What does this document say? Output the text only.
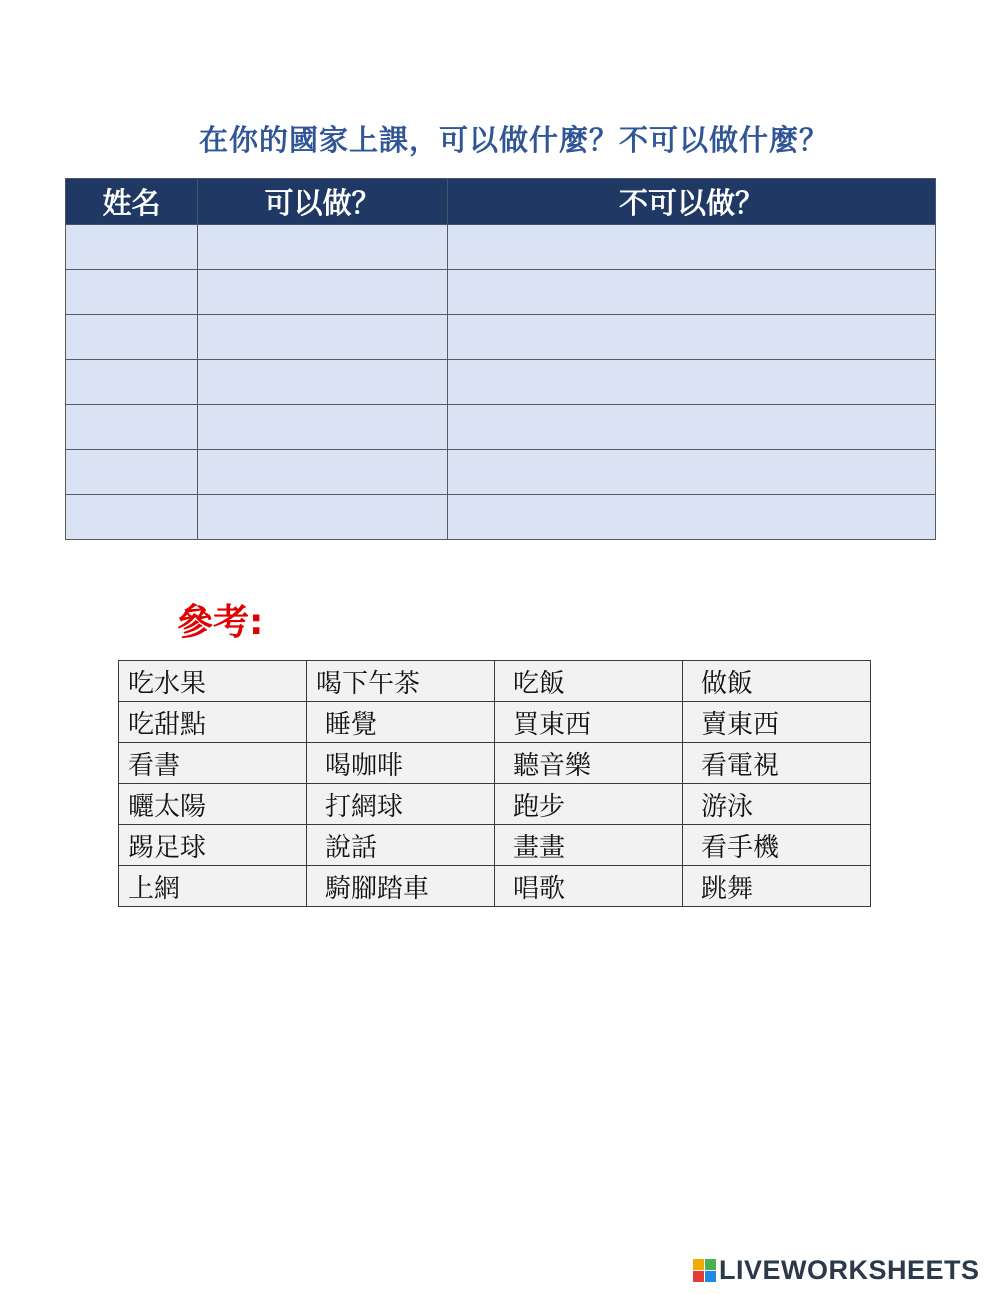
在你的國家上課，可以做什麼？不可以做什麼？
姓名	可以做？	不可以做？

參考:
吃水果	喝下午茶	吃飯	做飯
吃甜點	睡覺	買東西	賣東西
看書	喝咖啡	聽音樂	看電視
曬太陽	打網球	跑步	游泳
踢足球	說話	畫畫	看手機
上網	騎腳踏車	唱歌	跳舞
LIVEWORKSHEETS
